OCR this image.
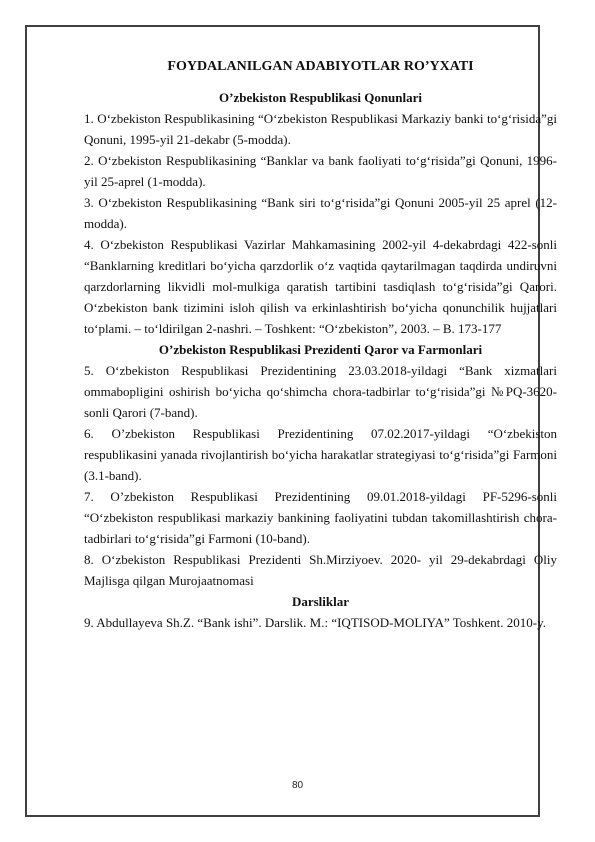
FOYDALANILGAN ADABIYOTLAR RO’YXATI

O’zbekiston Respublikasi Qonunlari

1. O‘zbekiston Respublikasining “O‘zbekiston Respublikasi Markaziy banki to‘g‘risida”gi Qonuni, 1995-yil 21-dekabr (5-modda).

2. O‘zbekiston Respublikasining “Banklar va bank faoliyati to‘g‘risida”gi Qonuni, 1996-yil 25-aprel (1-modda).

3. O‘zbekiston Respublikasining “Bank siri to‘g‘risida”gi Qonuni 2005-yil 25 aprel (12-modda).

4. O‘zbekiston Respublikasi Vazirlar Mahkamasining 2002-yil 4-dekabrdagi 422-sonli “Banklarning kreditlari bo‘yicha qarzdorlik o‘z vaqtida qaytarilmagan taqdirda undiruvni qarzdorlarning likvidli mol-mulkiga qaratish tartibini tasdiqlash to‘g‘risida”gi Qarori. O‘zbekiston bank tizimini isloh qilish va erkinlashtirish bo‘yicha qonunchilik hujjatlari to‘plami. – to‘ldirilgan 2-nashri. – Toshkent: “O‘zbekiston”, 2003. – B. 173-177

O’zbekiston Respublikasi Prezidenti Qaror va Farmonlari

5. O‘zbekiston Respublikasi Prezidentining 23.03.2018-yildagi “Bank xizmatlari ommabopligini oshirish bo‘yicha qo‘shimcha chora-tadbirlar to‘g‘risida”gi №PQ-3620-sonli Qarori (7-band).

6. O’zbekiston Respublikasi Prezidentining 07.02.2017-yildagi “O‘zbekiston respublikasini yanada rivojlantirish bo‘yicha harakatlar strategiyasi to‘g‘risida”gi Farmoni (3.1-band).

7. O’zbekiston Respublikasi Prezidentining 09.01.2018-yildagi PF-5296-sonli “O‘zbekiston respublikasi markaziy bankining faoliyatini tubdan takomillashtirish chora-tadbirlari to‘g‘risida”gi Farmoni (10-band).

8. O‘zbekiston Respublikasi Prezidenti Sh.Mirziyoev. 2020- yil 29-dekabrdagi Oliy Majlisga qilgan Murojaatnomasi

Darsliklar

9. Abdullayeva Sh.Z. “Bank ishi”. Darslik. M.: “IQTISOD-MOLIYA” Toshkent. 2010-y.

80
